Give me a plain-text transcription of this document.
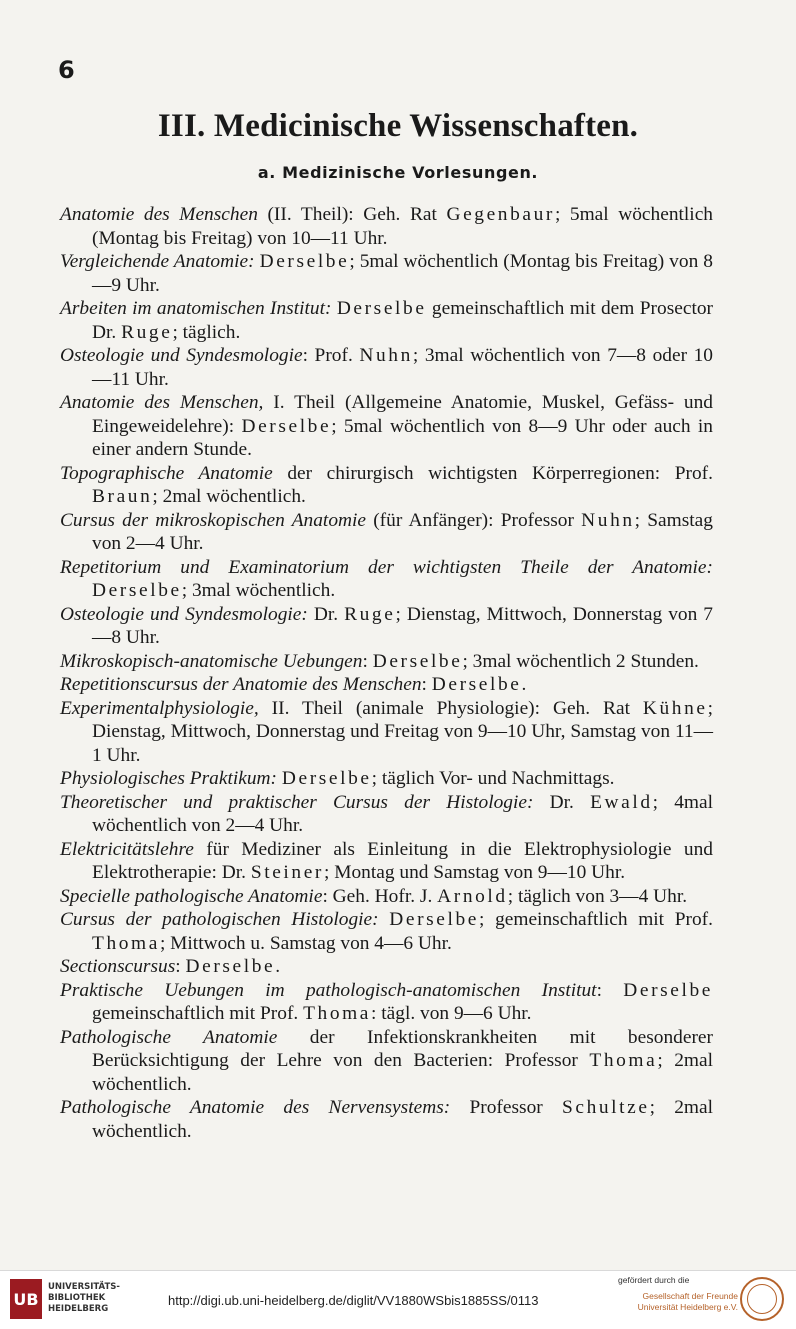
6
III. Medicinische Wissenschaften.
a. Medizinische Vorlesungen.
Anatomie des Menschen (II. Theil): Geh. Rat Gegenbaur; 5mal wöchentlich (Montag bis Freitag) von 10—11 Uhr.
Vergleichende Anatomie: Derselbe; 5mal wöchentlich (Montag bis Freitag) von 8—9 Uhr.
Arbeiten im anatomischen Institut: Derselbe gemeinschaftlich mit dem Prosector Dr. Ruge; täglich.
Osteologie und Syndesmologie: Prof. Nuhn; 3mal wöchentlich von 7—8 oder 10—11 Uhr.
Anatomie des Menschen, I. Theil (Allgemeine Anatomie, Muskel, Gefäss- und Eingeweidelehre): Derselbe; 5mal wöchentlich von 8—9 Uhr oder auch in einer andern Stunde.
Topographische Anatomie der chirurgisch wichtigsten Körperregionen: Prof. Braun; 2mal wöchentlich.
Cursus der mikroskopischen Anatomie (für Anfänger): Professor Nuhn; Samstag von 2—4 Uhr.
Repetitorium und Examinatorium der wichtigsten Theile der Anatomie: Derselbe; 3mal wöchentlich.
Osteologie und Syndesmologie: Dr. Ruge; Dienstag, Mittwoch, Donnerstag von 7—8 Uhr.
Mikroskopisch-anatomische Uebungen: Derselbe; 3mal wöchentlich 2 Stunden.
Repetitionscursus der Anatomie des Menschen: Derselbe.
Experimentalphysiologie, II. Theil (animale Physiologie): Geh. Rat Kühne; Dienstag, Mittwoch, Donnerstag und Freitag von 9—10 Uhr, Samstag von 11—1 Uhr.
Physiologisches Praktikum: Derselbe; täglich Vor- und Nachmittags.
Theoretischer und praktischer Cursus der Histologie: Dr. Ewald; 4mal wöchentlich von 2—4 Uhr.
Elektricitätslehre für Mediziner als Einleitung in die Elektrophysiologie und Elektrotherapie: Dr. Steiner; Montag und Samstag von 9—10 Uhr.
Specielle pathologische Anatomie: Geh. Hofr. J. Arnold; täglich von 3—4 Uhr.
Cursus der pathologischen Histologie: Derselbe; gemeinschaftlich mit Prof. Thoma; Mittwoch u. Samstag von 4—6 Uhr.
Sectionscursus: Derselbe.
Praktische Uebungen im pathologisch-anatomischen Institut: Derselbe gemeinschaftlich mit Prof. Thoma: tägl. von 9—6 Uhr.
Pathologische Anatomie der Infektionskrankheiten mit besonderer Berücksichtigung der Lehre von den Bacterien: Professor Thoma; 2mal wöchentlich.
Pathologische Anatomie des Nervensystems: Professor Schultze; 2mal wöchentlich.
UB
UNIVERSITÄTS-
BIBLIOTHEK
HEIDELBERG
http://digi.ub.uni-heidelberg.de/diglit/VV1880WSbis1885SS/0113
gefördert durch die
Gesellschaft der Freunde
Universität Heidelberg e.V.
